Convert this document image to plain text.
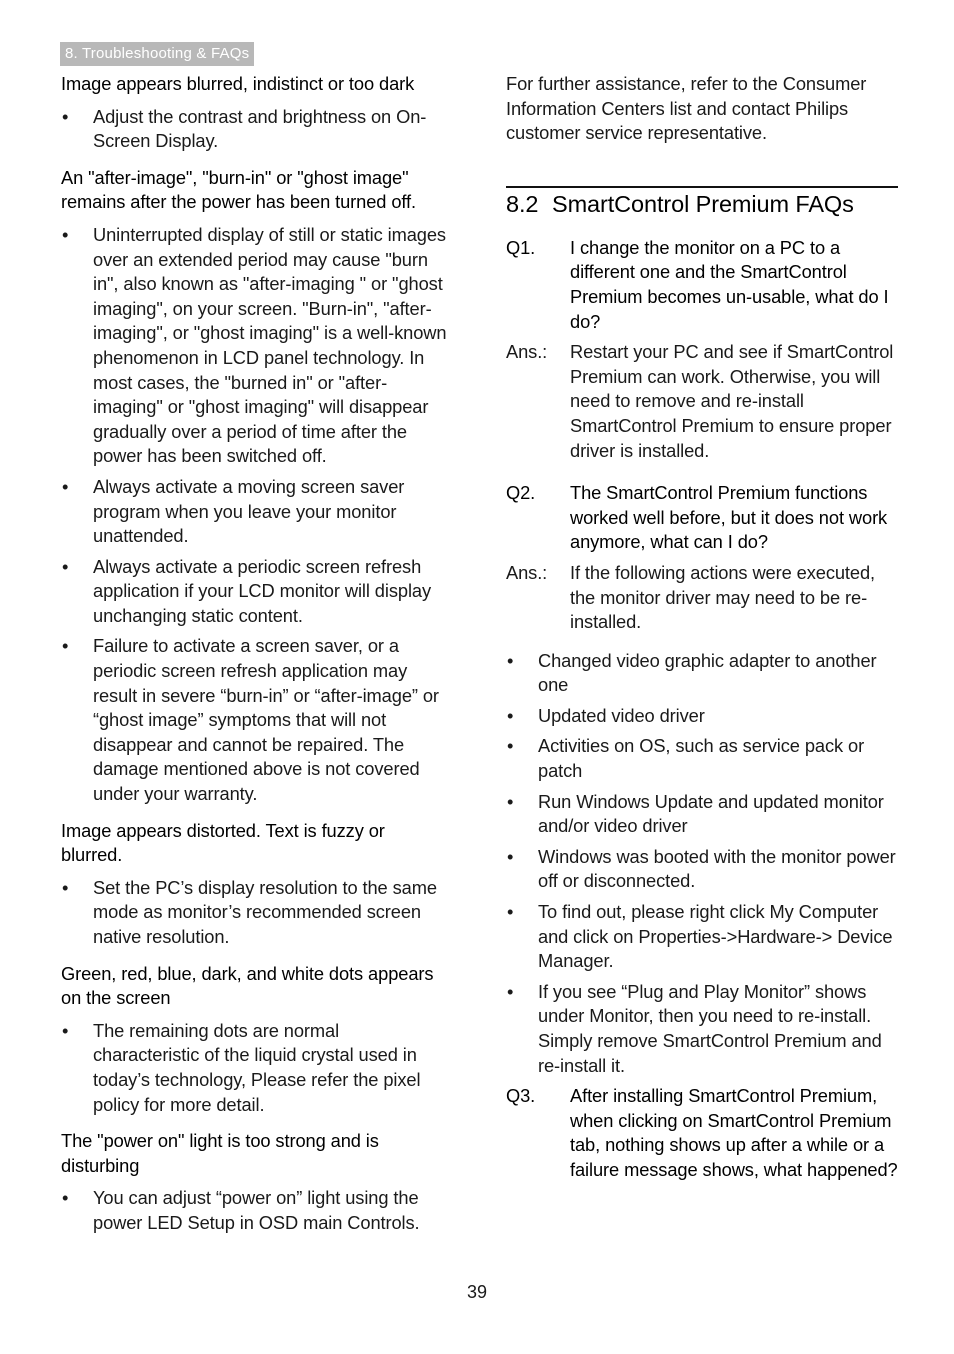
8. Troubleshooting & FAQs
Image appears blurred, indistinct or too dark
• Adjust the contrast and brightness on On-Screen Display.
An "after-image", "burn-in" or "ghost image" remains after the power has been turned off.
• Uninterrupted display of still or static images over an extended period may cause "burn in", also known as "after-imaging " or "ghost imaging", on your screen. "Burn-in", "after-imaging", or "ghost imaging" is a well-known phenomenon in LCD panel technology. In most cases, the "burned in" or "after-imaging" or "ghost imaging" will disappear gradually over a period of time after the power has been switched off.
• Always activate a moving screen saver program when you leave your monitor unattended.
• Always activate a periodic screen refresh application if your LCD monitor will display unchanging static content.
• Failure to activate a screen saver, or a periodic screen refresh application may result in severe “burn-in” or “after-image” or “ghost image” symptoms that will not disappear and cannot be repaired. The damage mentioned above is not covered under your warranty.
Image appears distorted. Text is fuzzy or blurred.
• Set the PC’s display resolution to the same mode as monitor’s recommended screen native resolution.
Green, red, blue, dark, and white dots appears on the screen
• The remaining dots are normal characteristic of the liquid crystal used in today’s technology, Please refer the pixel policy for more detail.
The "power on" light is too strong and is disturbing
• You can adjust “power on” light using the power LED Setup in OSD main Controls.

For further assistance, refer to the Consumer Information Centers list and contact Philips customer service representative.

8.2 SmartControl Premium FAQs
Q1.	I change the monitor on a PC to a different one and the SmartControl Premium becomes un-usable, what do I do?
Ans.:	Restart your PC and see if SmartControl Premium can work. Otherwise, you will need to remove and re-install SmartControl Premium to ensure proper driver is installed.
Q2.	The SmartControl Premium functions worked well before, but it does not work anymore, what can I do?
Ans.:	If the following actions were executed, the monitor driver may need to be re-installed.
• Changed video graphic adapter to another one
• Updated video driver
• Activities on OS, such as service pack or patch
• Run Windows Update and updated monitor and/or video driver
• Windows was booted with the monitor power off or disconnected.
• To find out, please right click My Computer and click on Properties->Hardware-> Device Manager.
• If you see “Plug and Play Monitor” shows under Monitor, then you need to re-install. Simply remove SmartControl Premium and re-install it.
Q3.	After installing SmartControl Premium, when clicking on SmartControl Premium tab, nothing shows up after a while or a failure message shows, what happened?
39
